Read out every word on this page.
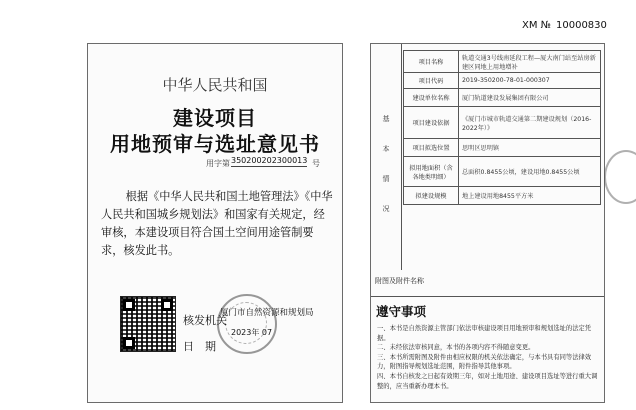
中华人民共和国
建设项目
用地预审与选址意见书
用字第 350200202300013 号
根据《中华人民共和国土地管理法》《中华人民共和国城乡规划法》和国家有关规定，经审核，本建设项目符合国土空间用途管制要求，核发此书。
核发机关
厦门市自然资源和规划局
日　期
2023年 07
XM № 10000830
基本情况
项目名称	轨道交通3号线南延段工程—厦大南门站至站房新建区同地上用地增补
项目代码	2019-350200-78-01-000307
建设单位名称	厦门轨道建设发展集团有限公司
项目建设依据	《厦门市城市轨道交通第二期建设规划（2016-2022年）》
项目拟选位置	思明区思明镇
拟用地面积（含各地类明细）	总面积0.8455公顷，建设用地0.8455公顷
拟建设规模	地上建设用地8455平方米
附图及附件名称
遵守事项
一、本书是自然资源主管部门依法审核建设项目用地预审和规划选址的法定凭据。
二、未经依法审核同意，本书的各项内容不得随意变更。
三、本书所需附图及附件由相应权限的机关依法确定，与本书具有同等法律效力，附图指导规划选址范围，附件指导其他事项。
四、本书自核发之日起有效期三年，如对土地用途、建设项目选址等进行重大调整的，应当重新办理本书。
